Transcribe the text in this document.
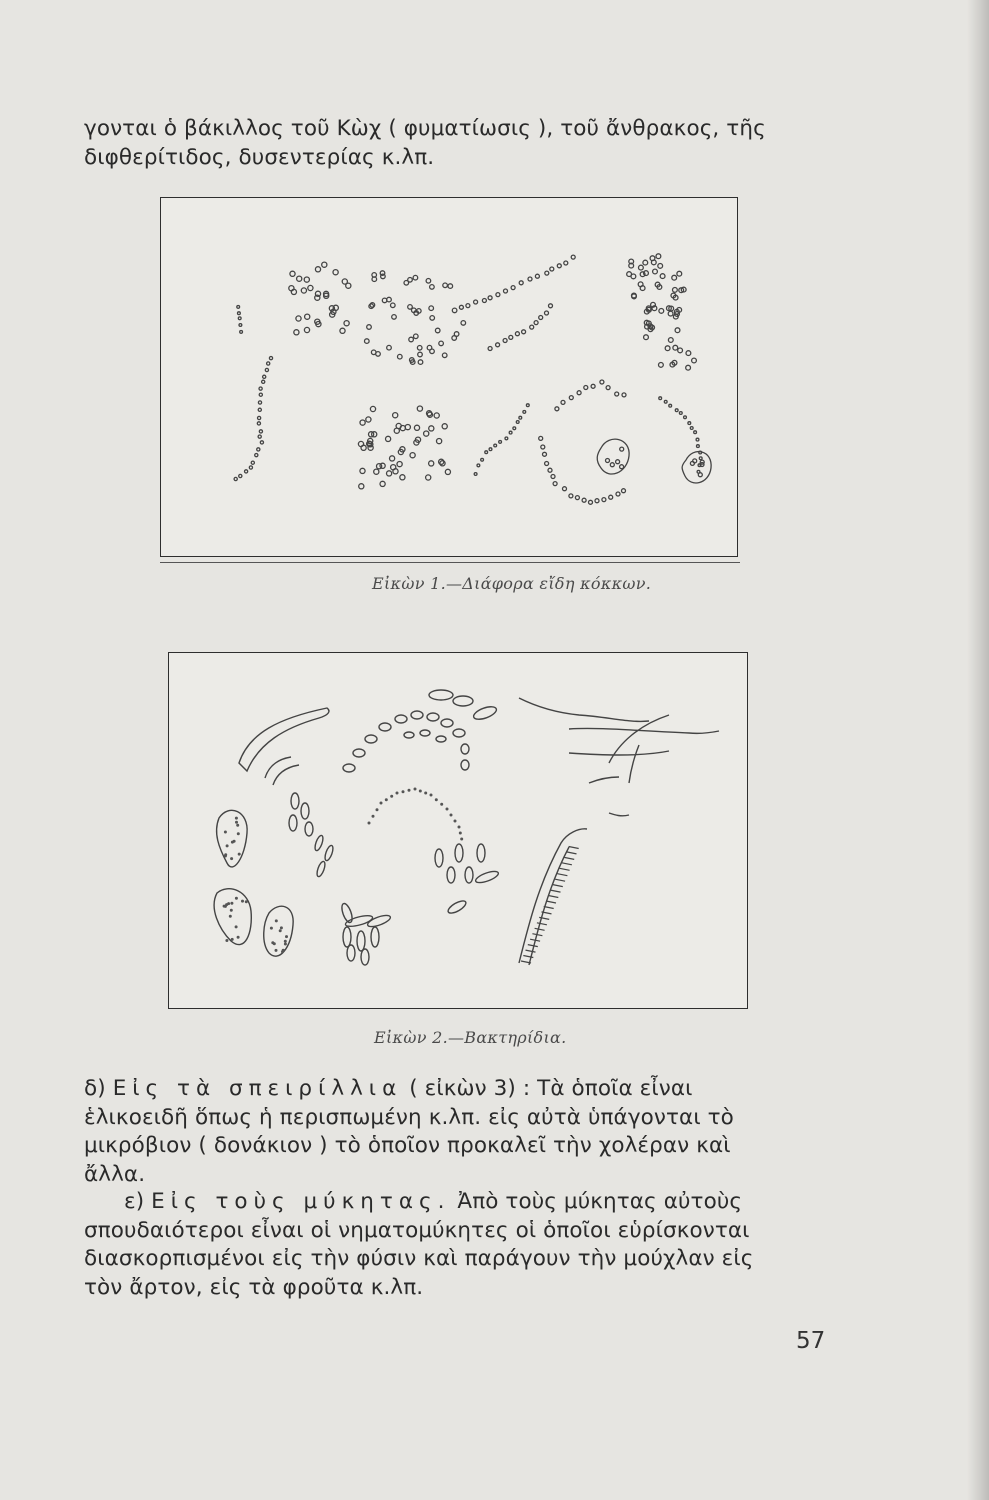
γονται ὁ βάκιλλος τοῦ Κὼχ ( φυματίωσις ), τοῦ ἄνθρακος, τῆς
διφθερίτιδος, δυσεντερίας κ.λπ.

Εἰκὼν 1.—Διάφορα εἴδη κόκκων.
Εἰκὼν 2.—Βακτηρίδια.

δ) Εἰς τὰ σπειρίλλια ( εἰκὼν 3) : Τὰ ὁποῖα εἶναι
ἑλικοειδῆ ὅπως ἡ περισπωμένη κ.λπ. εἰς αὐτὰ ὑπάγονται τὸ
μικρόβιον ( δονάκιον ) τὸ ὁποῖον προκαλεῖ τὴν χολέραν καὶ
ἄλλα.

ε) Εἰς τοὺς μύκητας. Ἀπὸ τοὺς μύκητας αὐτοὺς
σπουδαιότεροι εἶναι οἱ νηματομύκητες οἱ ὁποῖοι εὑρίσκονται
διασκορπισμένοι εἰς τὴν φύσιν καὶ παράγουν τὴν μούχλαν εἰς
τὸν ἄρτον, εἰς τὰ φροῦτα κ.λπ.

57
